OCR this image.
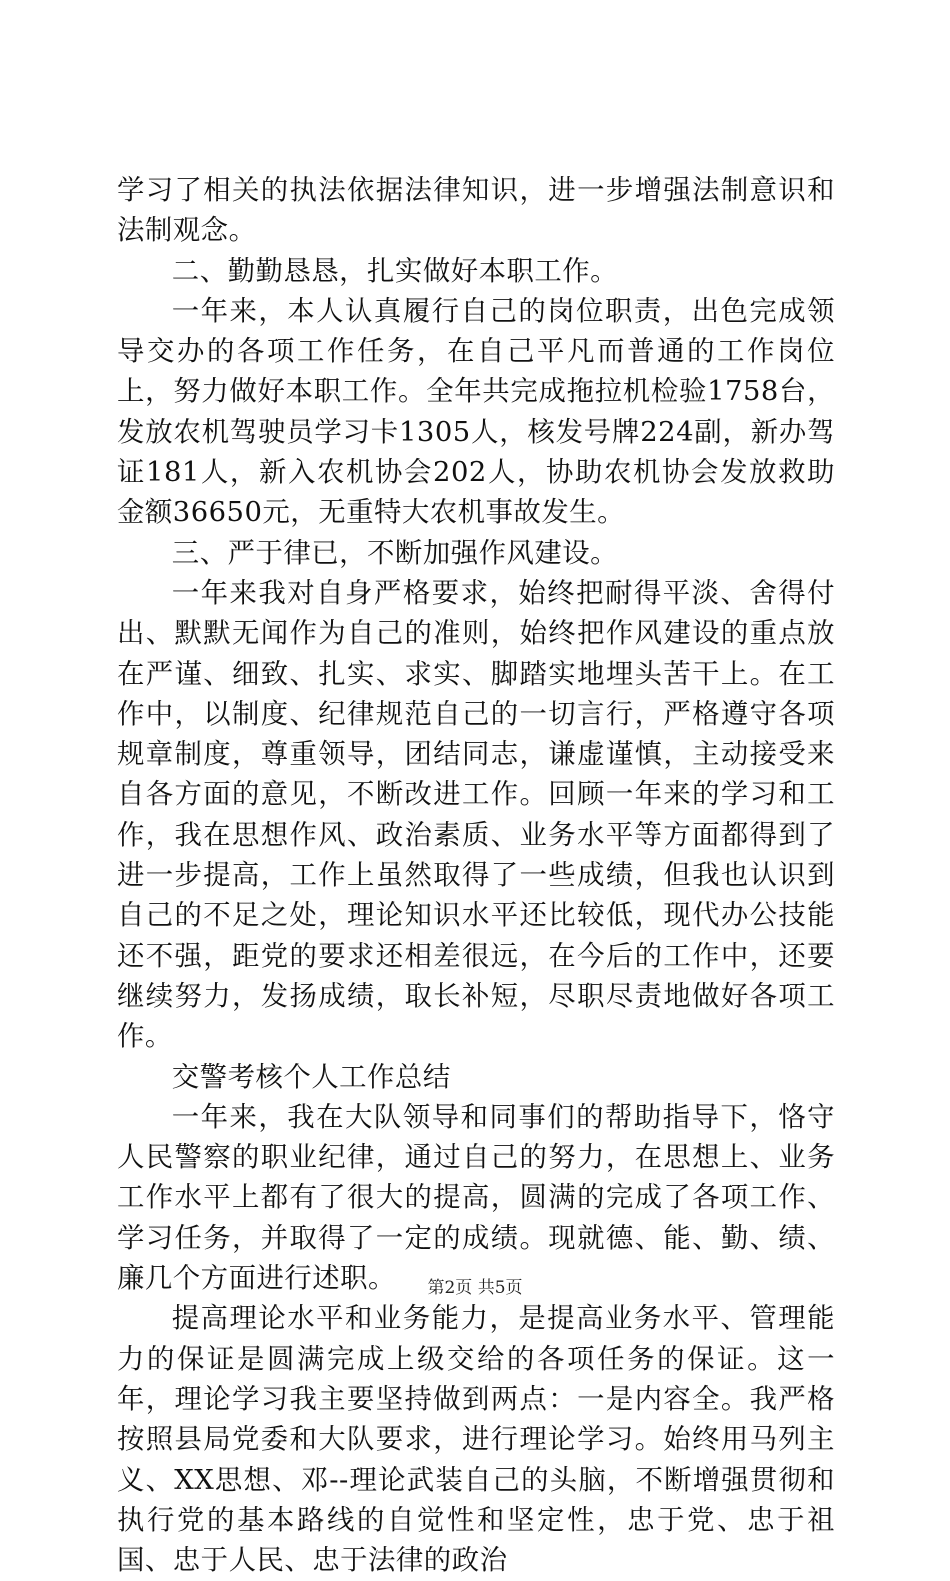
学习了相关的执法依据法律知识，进一步增强法制意识和法制观念。

二、勤勤恳恳，扎实做好本职工作。

一年来，本人认真履行自己的岗位职责，出色完成领导交办的各项工作任务，在自己平凡而普通的工作岗位上，努力做好本职工作。全年共完成拖拉机检验1758台，发放农机驾驶员学习卡1305人，核发号牌224副，新办驾证181人，新入农机协会202人，协助农机协会发放救助金额36650元，无重特大农机事故发生。

三、严于律已，不断加强作风建设。

一年来我对自身严格要求，始终把耐得平淡、舍得付出、默默无闻作为自己的准则，始终把作风建设的重点放在严谨、细致、扎实、求实、脚踏实地埋头苦干上。在工作中，以制度、纪律规范自己的一切言行，严格遵守各项规章制度，尊重领导，团结同志，谦虚谨慎，主动接受来自各方面的意见，不断改进工作。回顾一年来的学习和工作，我在思想作风、政治素质、业务水平等方面都得到了进一步提高，工作上虽然取得了一些成绩，但我也认识到自己的不足之处，理论知识水平还比较低，现代办公技能还不强，距党的要求还相差很远，在今后的工作中，还要继续努力，发扬成绩，取长补短，尽职尽责地做好各项工作。

交警考核个人工作总结

一年来，我在大队领导和同事们的帮助指导下，恪守人民警察的职业纪律，通过自己的努力，在思想上、业务工作水平上都有了很大的提高，圆满的完成了各项工作、学习任务，并取得了一定的成绩。现就德、能、勤、绩、廉几个方面进行述职。

提高理论水平和业务能力，是提高业务水平、管理能力的保证是圆满完成上级交给的各项任务的保证。这一年，理论学习我主要坚持做到两点：一是内容全。我严格按照县局党委和大队要求，进行理论学习。始终用马列主义、XX思想、邓--理论武装自己的头脑，不断增强贯彻和执行党的基本路线的自觉性和坚定性，忠于党、忠于祖国、忠于人民、忠于法律的政治

第2页 共5页
